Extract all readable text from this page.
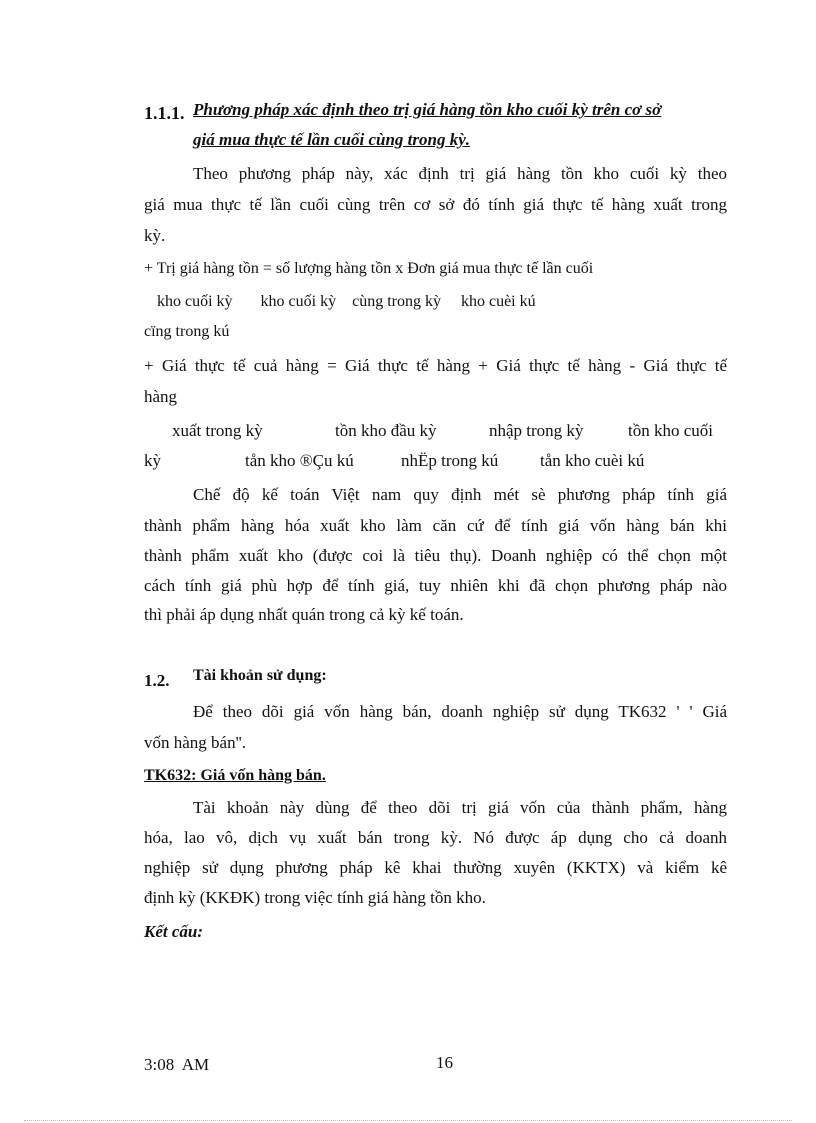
1.1.1. Phương pháp xác định theo trị giá hàng tồn kho cuối kỳ trên cơ sở
giá mua thực tế lần cuối cùng trong kỳ.
Theo phương pháp này, xác định trị giá hàng tồn kho cuối kỳ theo
giá mua thực tế lần cuối cùng trên cơ sở đó tính giá thực tế hàng xuất trong
kỳ.
+ Trị giá hàng tồn = số lượng hàng tồn x Đơn giá mua thực tế lần cuối
kho cuối kỳ       kho cuối kỳ    cùng trong kỳ     kho cuèi kú
cïng trong kú
+ Giá thực tế cuả hàng = Giá thực tế hàng + Giá thực tế hàng - Giá thực tế
hàng
xuất trong kỳ	tồn kho đầu kỳ	nhập trong kỳ	tồn kho cuối
kỳ	tån kho ®Çu kú	nhËp trong kú tån kho cuèi kú
Chế độ kế toán Việt nam quy định mét sè phương pháp tính giá
thành phẩm hàng hóa xuất kho làm căn cứ để tính giá vốn hàng bán khi
thành phẩm xuất kho (được coi là tiêu thụ). Doanh nghiệp có thể chọn một
cách tính giá phù hợp để tính giá, tuy nhiên khi đã chọn phương pháp nào
thì phải áp dụng nhất quán trong cả kỳ kế toán.
1.2. Tài khoản sử dụng:
Để theo dõi giá vốn hàng bán, doanh nghiệp sử dụng TK632 ' ' Giá
vốn hàng bán''.
TK632: Giá vốn hàng bán.
Tài khoản này dùng để theo dõi trị giá vốn của thành phẩm, hàng
hóa, lao vô, dịch vụ xuất bán trong kỳ. Nó được áp dụng cho cả doanh
nghiệp sử dụng phương pháp kê khai thường xuyên (KKTX) và kiểm kê
định kỳ (KKĐK) trong việc tính giá hàng tồn kho.
Kết cấu:
3:08  AM	16
